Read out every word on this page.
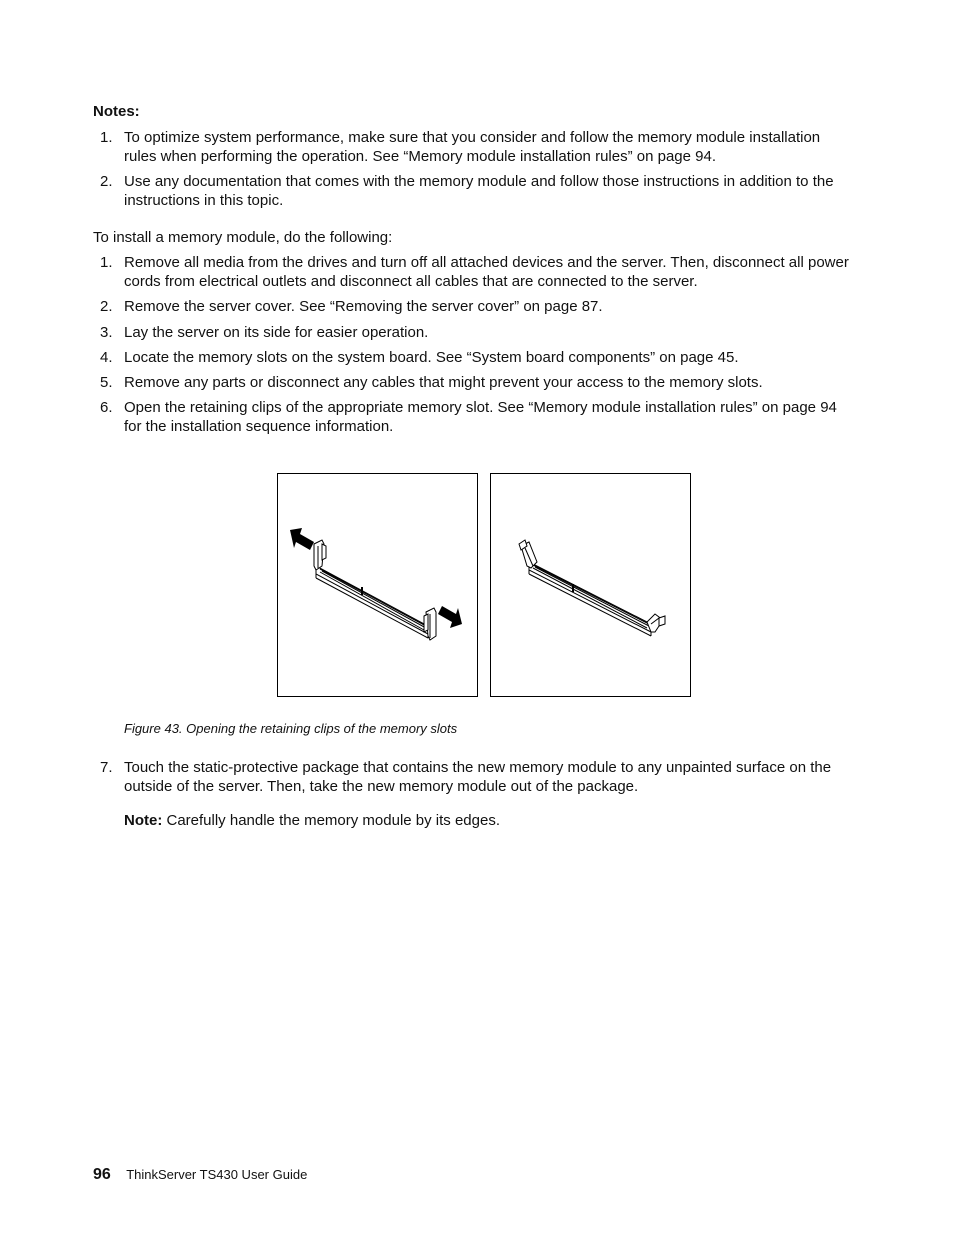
Notes:
1. To optimize system performance, make sure that you consider and follow the memory module installation rules when performing the operation. See “Memory module installation rules” on page 94.
2. Use any documentation that comes with the memory module and follow those instructions in addition to the instructions in this topic.

To install a memory module, do the following:

1. Remove all media from the drives and turn off all attached devices and the server. Then, disconnect all power cords from electrical outlets and disconnect all cables that are connected to the server.
2. Remove the server cover. See “Removing the server cover” on page 87.
3. Lay the server on its side for easier operation.
4. Locate the memory slots on the system board. See “System board components” on page 45.
5. Remove any parts or disconnect any cables that might prevent your access to the memory slots.
6. Open the retaining clips of the appropriate memory slot. See “Memory module installation rules” on page 94 for the installation sequence information.

Figure 43. Opening the retaining clips of the memory slots

7. Touch the static-protective package that contains the new memory module to any unpainted surface on the outside of the server. Then, take the new memory module out of the package.

Note: Carefully handle the memory module by its edges.

96 ThinkServer TS430 User Guide
